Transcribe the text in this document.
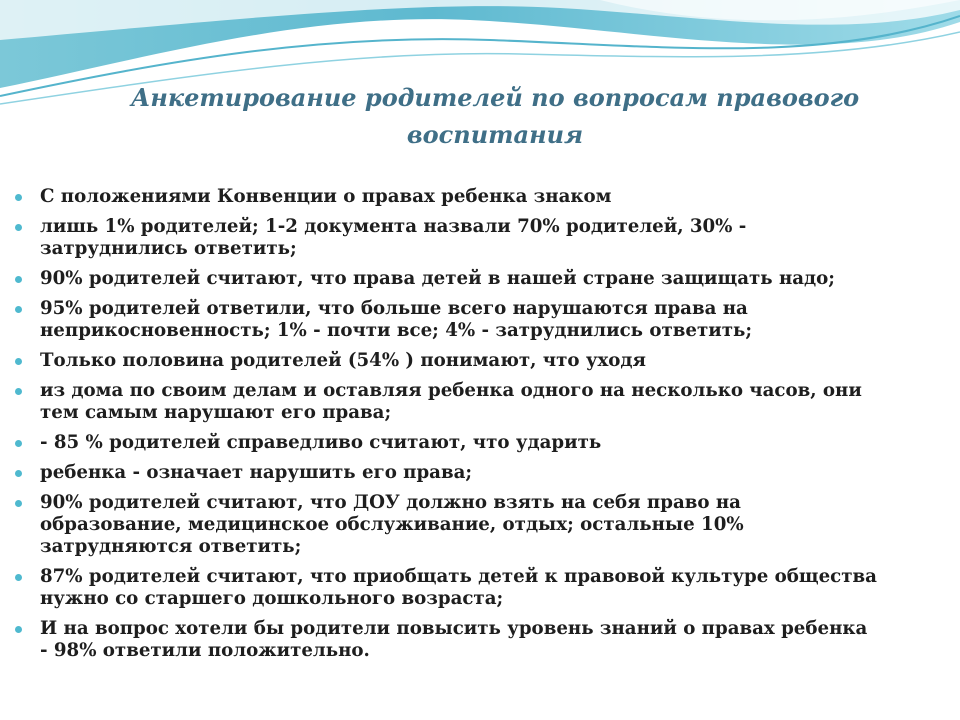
Анкетирование родителей по вопросам правового воспитания
С положениями Конвенции о правах ребенка знаком
лишь 1% родителей; 1-2 документа назвали 70% родителей, 30% - затруднились ответить;
90% родителей считают, что права детей в нашей стране защищать надо;
95% родителей ответили, что больше всего нарушаются права на неприкосновенность; 1% - почти все; 4% - затруднились ответить;
Только половина родителей (54% ) понимают, что уходя
из дома по своим делам и оставляя ребенка одного на несколько часов, они тем самым нарушают его права;
- 85 % родителей справедливо считают, что ударить
ребенка - означает нарушить его права;
90% родителей считают, что ДОУ должно взять на себя право на образование, медицинское обслуживание, отдых; остальные 10% затрудняются ответить;
87% родителей считают, что приобщать детей к правовой культуре общества нужно со старшего дошкольного возраста;
И на вопрос хотели бы родители повысить уровень знаний о правах ребенка - 98% ответили положительно.
